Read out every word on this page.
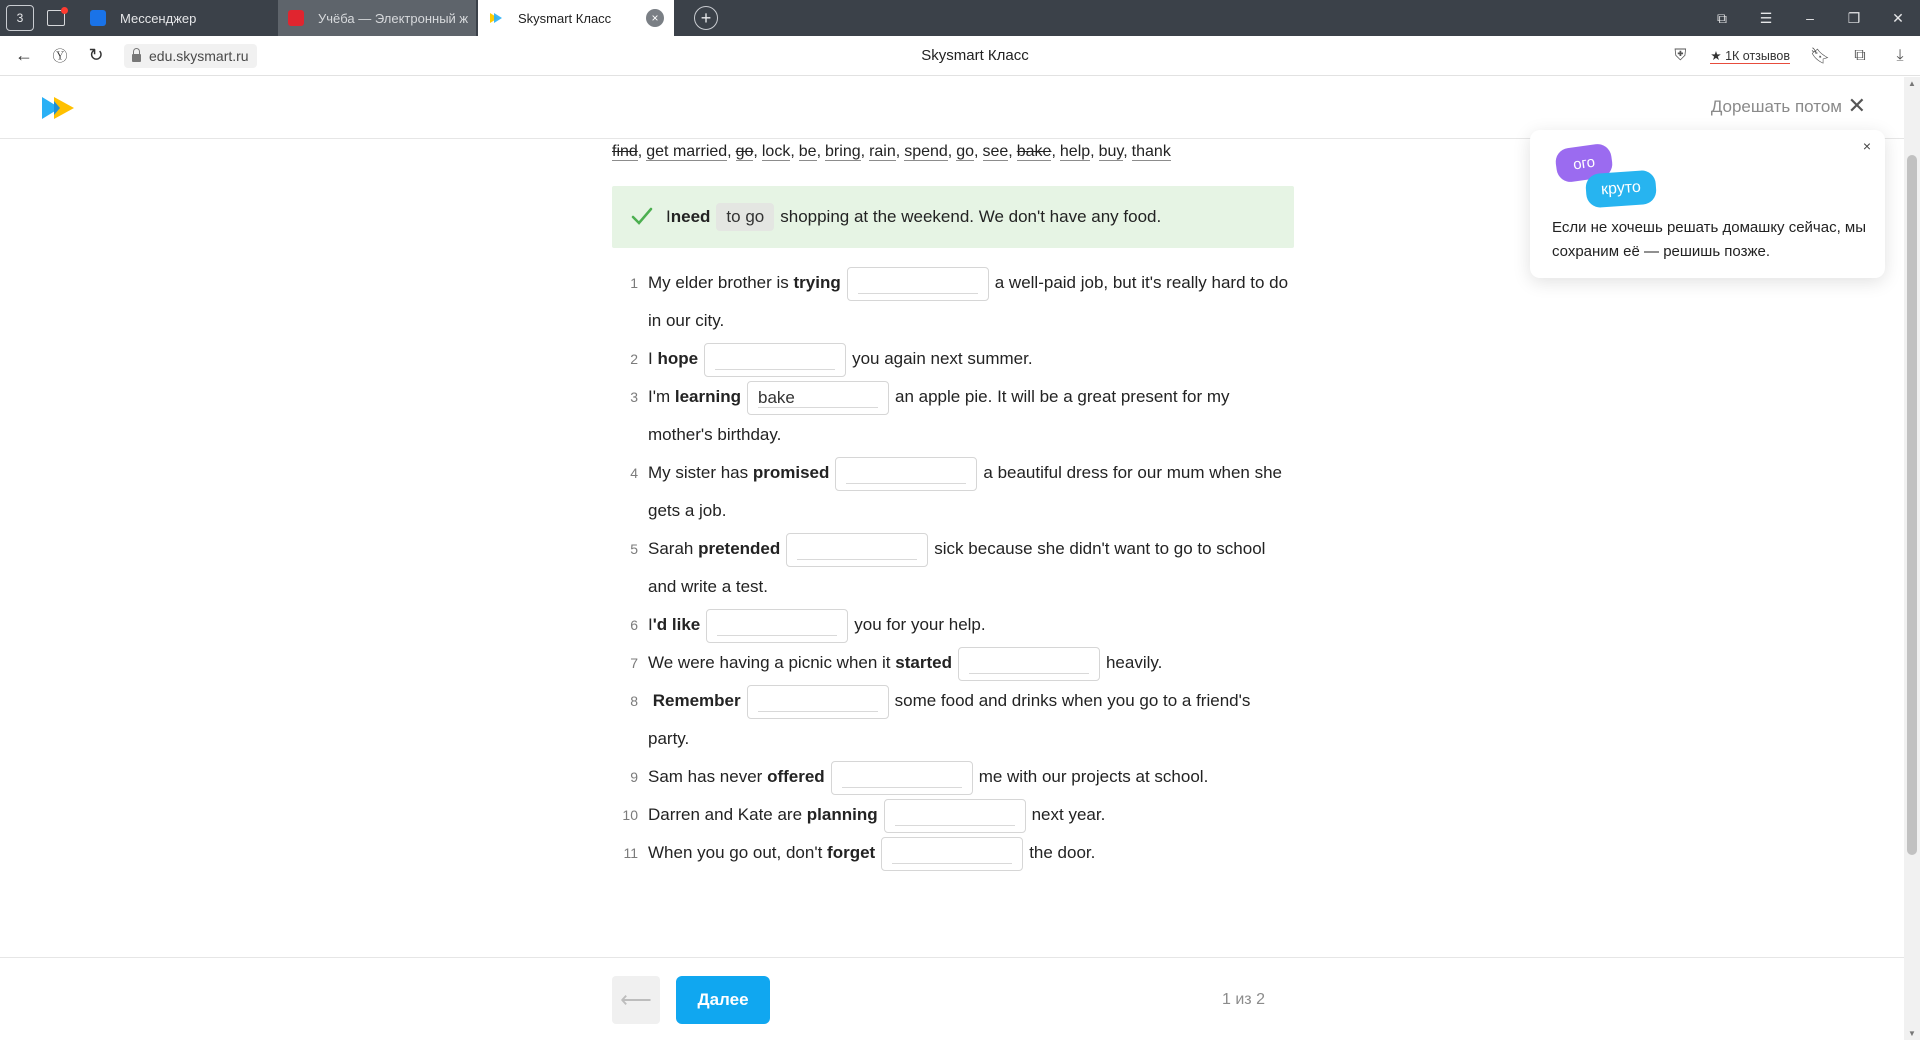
3	Мессенджер	Учёба — Электронный ж	Skysmart Класс	×	+	⧉	☰	–	❐	✕
←	Ⓨ	↻	edu.skysmart.ru	Skysmart Класс	⛨	★ 1К отзывов	🔖︎	⧉	⤓
Дорешать потом ✕
find, get married, go, lock, be, bring, rain, spend, go, see, bake, help, buy, thank
I need to go shopping at the weekend. We don't have any food.
1 My elder brother is trying	a well-paid job, but it's really hard to do in our city.
2 I hope	you again next summer.
3 I'm learning bake	an apple pie. It will be a great present for my mother's birthday.
4 My sister has promised	a beautiful dress for our mum when she gets a job.
5 Sarah pretended	sick because she didn't want to go to school and write a test.
6 I'd like	you for your help.
7 We were having a picnic when it started	heavily.
8 Remember	some food and drinks when you go to a friend's party.
9 Sam has never offered	me with our projects at school.
10 Darren and Kate are planning	next year.
11 When you go out, don't forget	the door.
×
ого
круто
Если не хочешь решать домашку сейчас, мы сохраним её — решишь позже.
▲
▼
⟵	Далее	1 из 2
